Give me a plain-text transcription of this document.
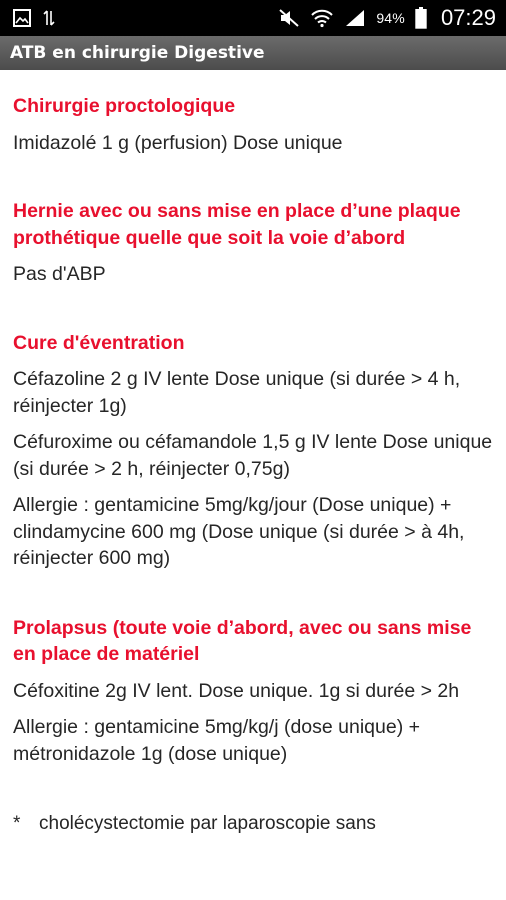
94% 07:29
ATB en chirurgie Digestive

Chirurgie proctologique

Imidazolé 1 g (perfusion) Dose unique

Hernie avec ou sans mise en place d’une plaque prothétique quelle que soit la voie d’abord

Pas d'ABP

Cure d'éventration

Céfazoline 2 g IV lente Dose unique (si durée > 4 h, réinjecter 1g)

Céfuroxime ou céfamandole 1,5 g IV lente Dose unique (si durée > 2 h, réinjecter 0,75g)

Allergie : gentamicine 5mg/kg/jour (Dose unique) + clindamycine 600 mg (Dose unique (si durée > à 4h, réinjecter 600 mg)

Prolapsus (toute voie d’abord, avec ou sans mise en place de matériel

Céfoxitine 2g IV lent. Dose unique. 1g si durée > 2h

Allergie : gentamicine 5mg/kg/j (dose unique) + métronidazole 1g (dose unique)

* cholécystectomie par laparoscopie sans
